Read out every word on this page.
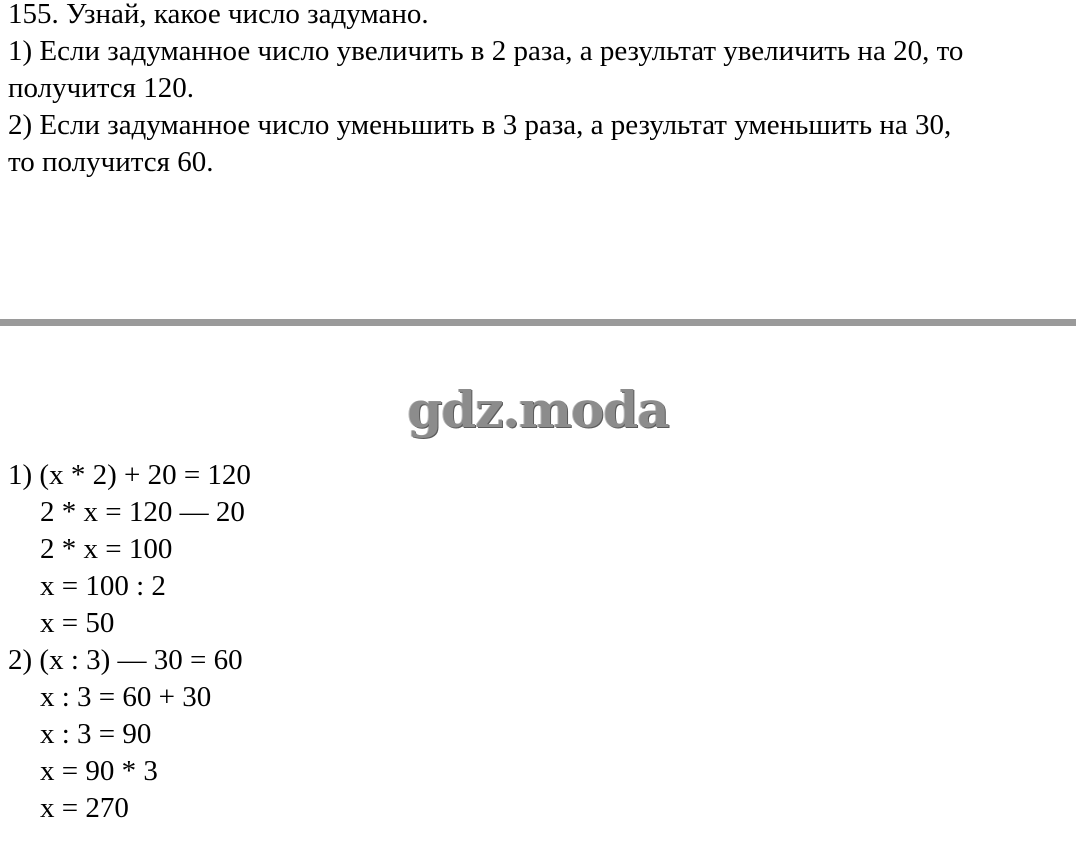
155. Узнай, какое число задумано.
1) Если задуманное число увеличить в 2 раза, а результат увеличить на 20, то
получится 120.
2) Если задуманное число уменьшить в 3 раза, а результат уменьшить на 30,
то получится 60.
gdz.moda
1) (x * 2) + 20 = 120
2 * x = 120 — 20
2 * x = 100
x = 100 : 2
x = 50
2) (x : 3) — 30 = 60
x : 3 = 60 + 30
x : 3 = 90
x = 90 * 3
x = 270
